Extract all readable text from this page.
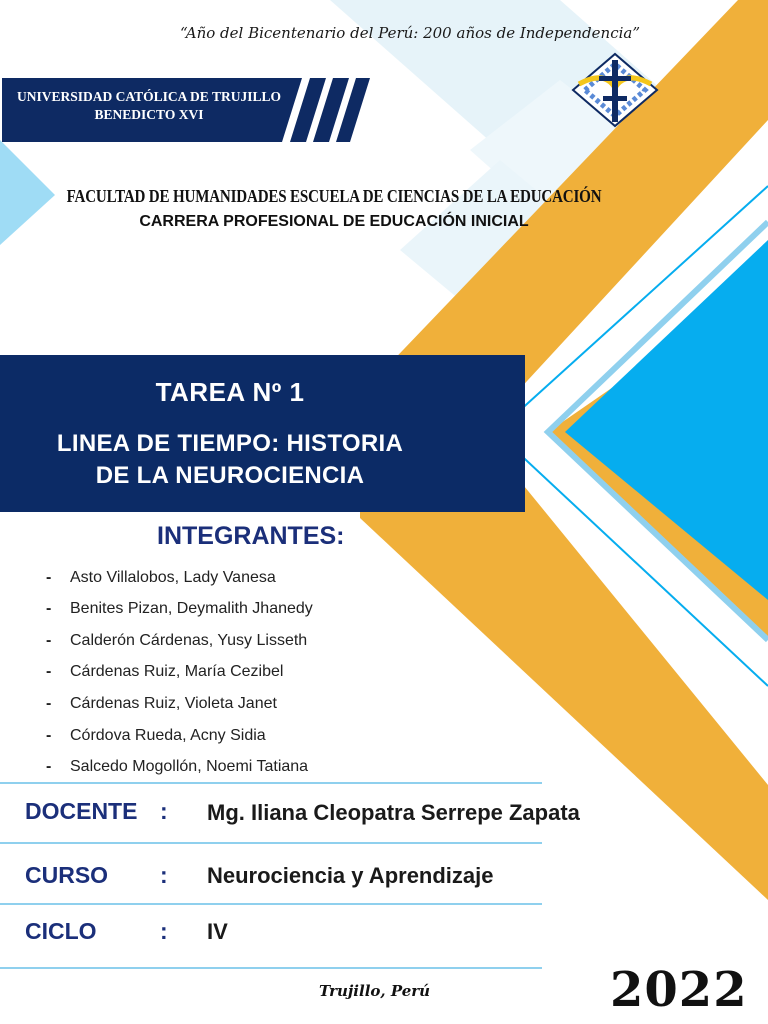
“Año del Bicentenario del Perú: 200 años de Independencia”
UNIVERSIDAD CATÓLICA DE TRUJILLO
BENEDICTO XVI
FACULTAD DE HUMANIDADES ESCUELA DE CIENCIAS DE LA EDUCACIÓN
CARRERA PROFESIONAL DE EDUCACIÓN INICIAL
TAREA Nº 1
LINEA DE TIEMPO: HISTORIA
DE LA NEUROCIENCIA
INTEGRANTES:
- Asto Villalobos, Lady Vanesa
- Benites Pizan, Deymalith Jhanedy
- Calderón Cárdenas, Yusy Lisseth
- Cárdenas Ruiz, María Cezibel
- Cárdenas Ruiz, Violeta Janet
- Córdova Rueda, Acny Sidia
- Salcedo Mogollón, Noemi Tatiana
DOCENTE : Mg. Iliana Cleopatra Serrepe Zapata
CURSO : Neurociencia y Aprendizaje
CICLO	: IV
Trujillo, Perú	2022
